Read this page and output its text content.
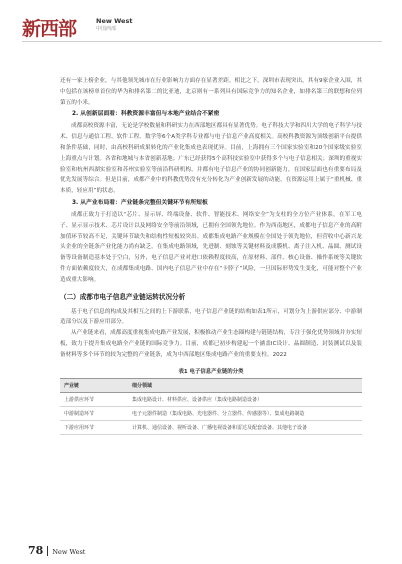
新西部	New West
中国西部

还有一家上榜企业，与其他领先城市在行业影响力方面存在显著差距。相比之下，深圳市表现突出，其有9家企业入围，其中包括在该榜单首位的华为和排名第二的比亚迪，北京则有一系列具有国际竞争力的知名企业，如排名第三的联想和位列第五的小米。

2. 从创新层面看：科教资源丰富但与本地产业结合不紧密

成都高校资源丰富，无论是学校数量和科研实力在西部地区都具有显著优势。电子科技大学和四川大学的电子科学与技术、信息与通信工程、软件工程、数学等6个A类学科专业都与电子信息产业高度相关。高校科教资源为顶级创新平台提供和条件基础，同时，由高校科研成果转化的产业化集成也表现优异。目前，上海拥有三个国家实验室和20个国家级实验室上海重点与计划。各省和地城与本省创新基地；广东已经获得5个高科技实验室中获得多个与电子信息相关；深圳的重视实验室和杭州西湖实验室和苏州实验室等前沿科研机构，并都有电子信息产业的协同创新能力，在国家层面也有重要布局及优先发展等综合。但是目前，成都产业中的科教优势没有充分转化为产业创新发展的动能，在资源运用上属于“重机械、重本质，轻应用”的状态。

3. 从产业布局看：产业链条完整但关键环节有所短板

成都正致力于打造以“芯片、显示屏、终端设备、软件、智能技术、网络安全”为支柱的全方位产业体系，在军工电子、显示显示技术、芯片设计以及网络安全等前沿领域，已拥有全国领先地位。作为西南地区，成都电子信息产业的高附加值环节较高不足，关键环节缺失和结构性短板较突出。成都集成电路产业规模在全国处于领先地位，但营收中心新兴龙头企业的全链条产业化能力尚有缺乏。在集成电路领域，先进制、刻蚀等关键材料及成膜机、离子注入机、晶圆、测试设备等设备制造基本处于空白，另外，电子信息产业对进口依赖程度较高，在原材料、部件、核心设备、操作系统等关键软件方面依赖度较大，在成都集成电路、国内电子信息产业中存在“卡脖子”风险，一旦国际形势发生变化，可能对整个产业造成重大影响。

（二）成都市电子信息产业链运转状况分析

基于电子信息的构成及其相互之间的上下游联系，电子信息产业链的结构如表1所示，可划分为上游供应部分、中游制造部分以及下游应用部分。

从产业链来看，成都高度重视集成电路产业发展，积极推动产业生态圈构建与链链结构，专注于强化优势领域并夯实短板，致力于提升集成电路全产业链的国际竞争力。目前，成都已初步构建起一个涵盖IC设计、晶圆制造、封装测试以及装备材料等多个环节的较为完整的产业链条，成为中西部地区集成电路产业的重要支柱。2022

表1 电子信息产业链的分类
产业链	细分领域
上游供应环节	集成电路设计、材料供应、设备供应（集成电路制造设备）
中游制造环节	电子元器件制造（集成电路、光电器件、分立器件、传感器等）、集成电路制造
下游应用环节	计算机、通信设备、视听设备、广播电视设备和雷达及配套设备、其他电子设备
78 New West
